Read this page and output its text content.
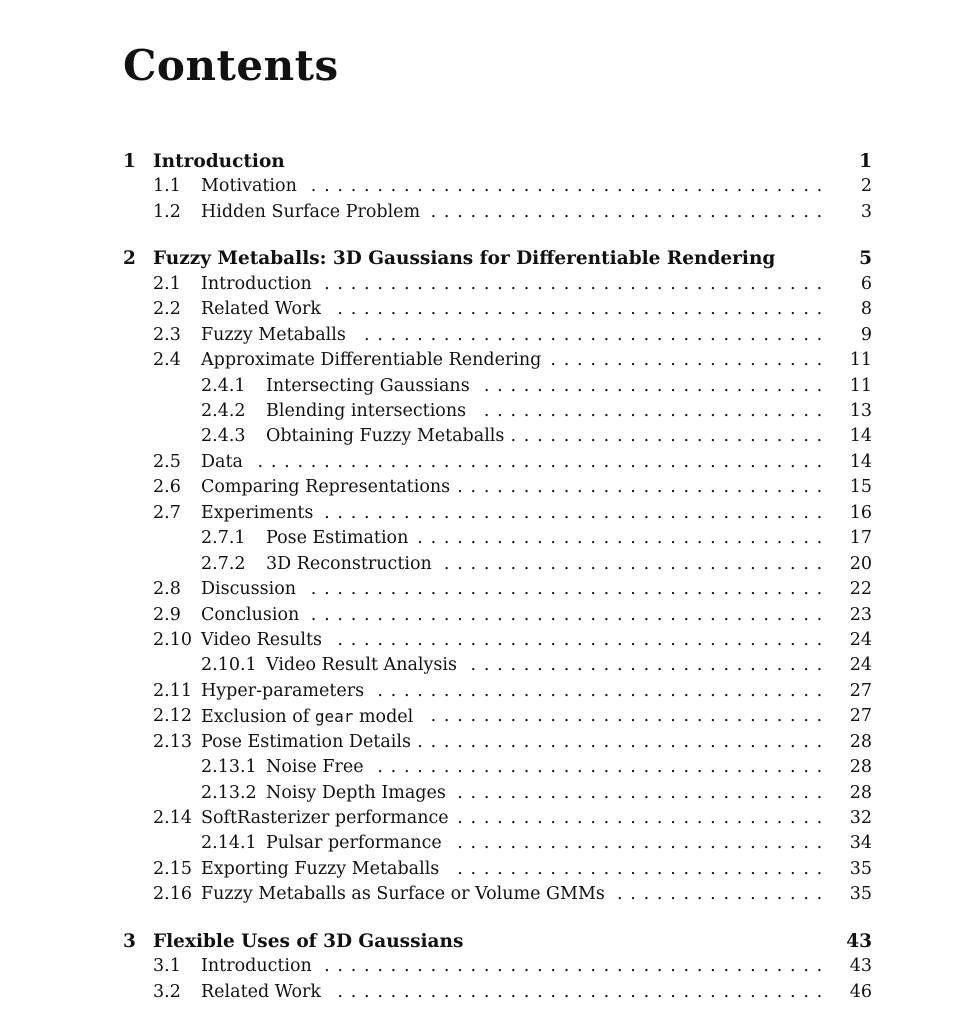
Contents
1 Introduction	1
1.1 Motivation	2
.......................................
1.2 Hidden Surface Problem	3
..............................
2 Fuzzy Metaballs: 3D Gaussians for Differentiable Rendering	5
2.1 Introduction	6
......................................
2.2 Related Work	8
.....................................
2.3 Fuzzy Metaballs	9
...................................
2.4 Approximate Differentiable Rendering	11
.....................
2.4.1 Intersecting Gaussians	11
..........................
2.4.2 Blending intersections	13
..........................
2.4.3 Obtaining Fuzzy Metaballs	14
........................
2.5 Data	14
...........................................
2.6 Comparing Representations	15
............................
2.7 Experiments	16
......................................
2.7.1 Pose Estimation	17
...............................
2.7.2 3D Reconstruction	20
.............................
2.8 Discussion	22
.......................................
2.9 Conclusion	23
.......................................
2.10 Video Results	24
.....................................
2.10.1 Video Result Analysis	24
...........................
2.11 Hyper-parameters	27
..................................
2.12 Exclusion of gear model	27
..............................
2.13 Pose Estimation Details	28
...............................
2.13.1 Noise Free	28
..................................
2.13.2 Noisy Depth Images	28
............................
2.14 SoftRasterizer performance	32
............................
2.14.1 Pulsar performance	34
............................
2.15 Exporting Fuzzy Metaballs	35
............................
2.16 Fuzzy Metaballs as Surface or Volume GMMs	35
................
3 Flexible Uses of 3D Gaussians	43
3.1 Introduction	43
......................................
3.2 Related Work	46
.....................................
